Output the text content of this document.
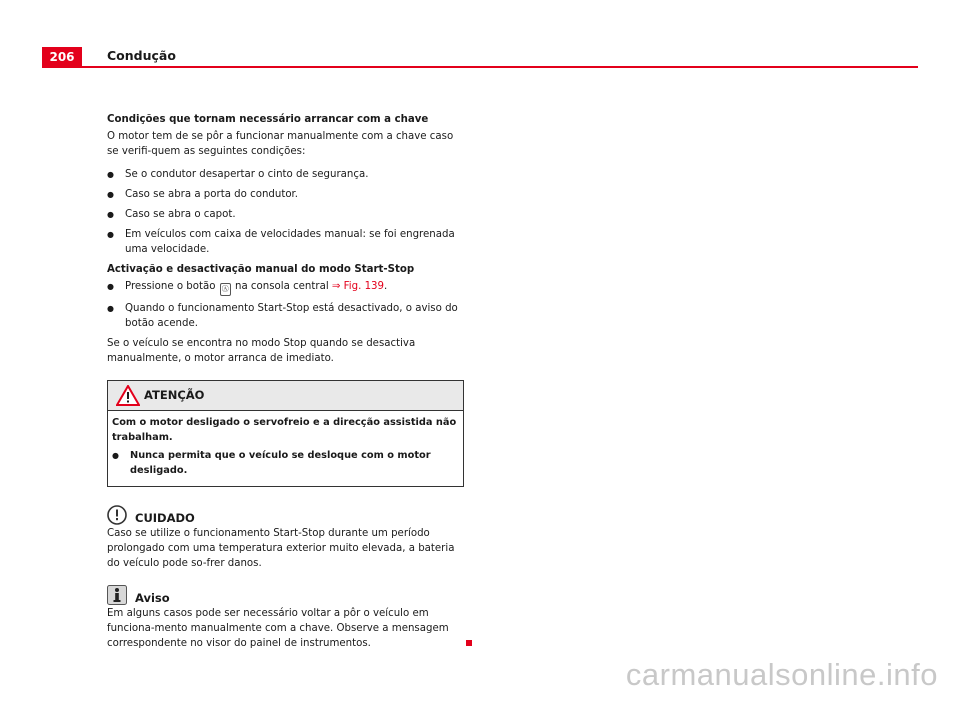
206	Condução

Condições que tornam necessário arrancar com a chave

O motor tem de se pôr a funcionar manualmente com a chave caso se verifi-quem as seguintes condições:

● Se o condutor desapertar o cinto de segurança.

● Caso se abra a porta do condutor.

● Caso se abra o capot.

● Em veículos com caixa de velocidades manual: se foi engrenada uma velocidade.

Activação e desactivação manual do modo Start-Stop

● Pressione o botão Ⓐ na consola central ⇒ Fig. 139.

● Quando o funcionamento Start-Stop está desactivado, o aviso do botão acende.

Se o veículo se encontra no modo Stop quando se desactiva manualmente, o motor arranca de imediato.

ATENÇÃO

Com o motor desligado o servofreio e a direcção assistida não trabalham.

● Nunca permita que o veículo se desloque com o motor desligado.

CUIDADO

Caso se utilize o funcionamento Start-Stop durante um período prolongado com uma temperatura exterior muito elevada, a bateria do veículo pode so-frer danos.

Aviso

Em alguns casos pode ser necessário voltar a pôr o veículo em funciona-mento manualmente com a chave. Observe a mensagem correspondente no visor do painel de instrumentos.

carmanualsonline.info
